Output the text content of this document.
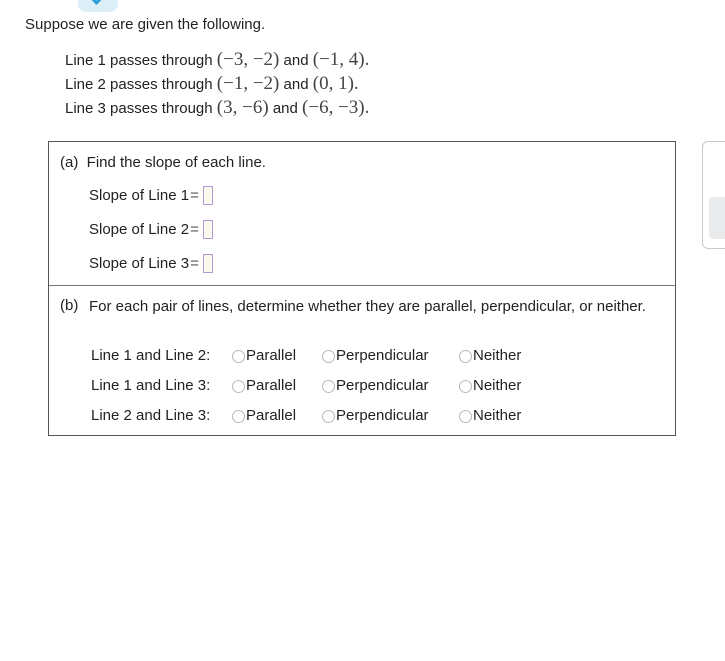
Suppose we are given the following.
Line 1 passes through (−3, −2) and (−1, 4).
Line 2 passes through (−1, −2) and (0, 1).
Line 3 passes through (3, −6) and (−6, −3).
(a)  Find the slope of each line.
Slope of Line 1 =
Slope of Line 2 =
Slope of Line 3 =
(b) For each pair of lines, determine whether they are parallel, perpendicular, or neither.
Line 1 and Line 2: Parallel	Perpendicular	Neither
Line 1 and Line 3: Parallel	Perpendicular	Neither
Line 2 and Line 3: Parallel	Perpendicular	Neither
